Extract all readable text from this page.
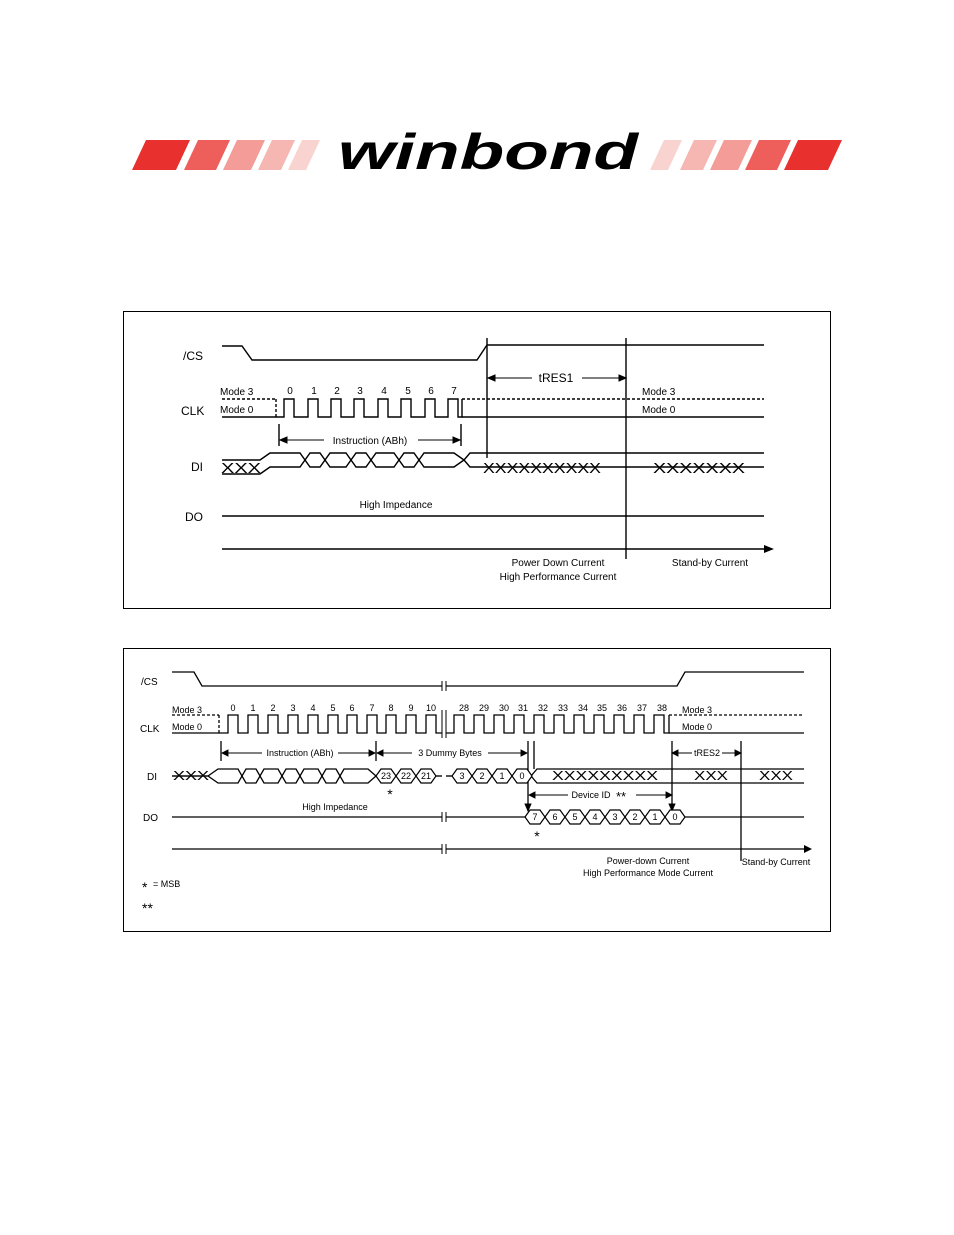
winbond
/CS
CLK
DI
DO
Mode 3
Mode 0
Mode 3
Mode 0
0 1 2 3 4 5 6 7
Instruction (ABh)
tRES1
XXX	XXXXXXXXXX	XXXXXXX
High Impedance
Power Down Current
High Performance Current
Stand-by Current
23 22 21	3 2 1 0
7 6 5 4 3 2 1 0
/CS
CLK
DI
DO
Mode 3
Mode 0
Mode 3
Mode 0
0 1 2 3 4 5 6 7 8 9 10	28 29 30 31 32 33 34 35 36 37 38
Instruction (ABh)	3 Dummy Bytes	tRES2
Device ID **
*
*
XXX	XXXXXXXXX	XXX XXX
High Impedance
Power-down Current
High Performance Mode Current
Stand-by Current
* = MSB
**
